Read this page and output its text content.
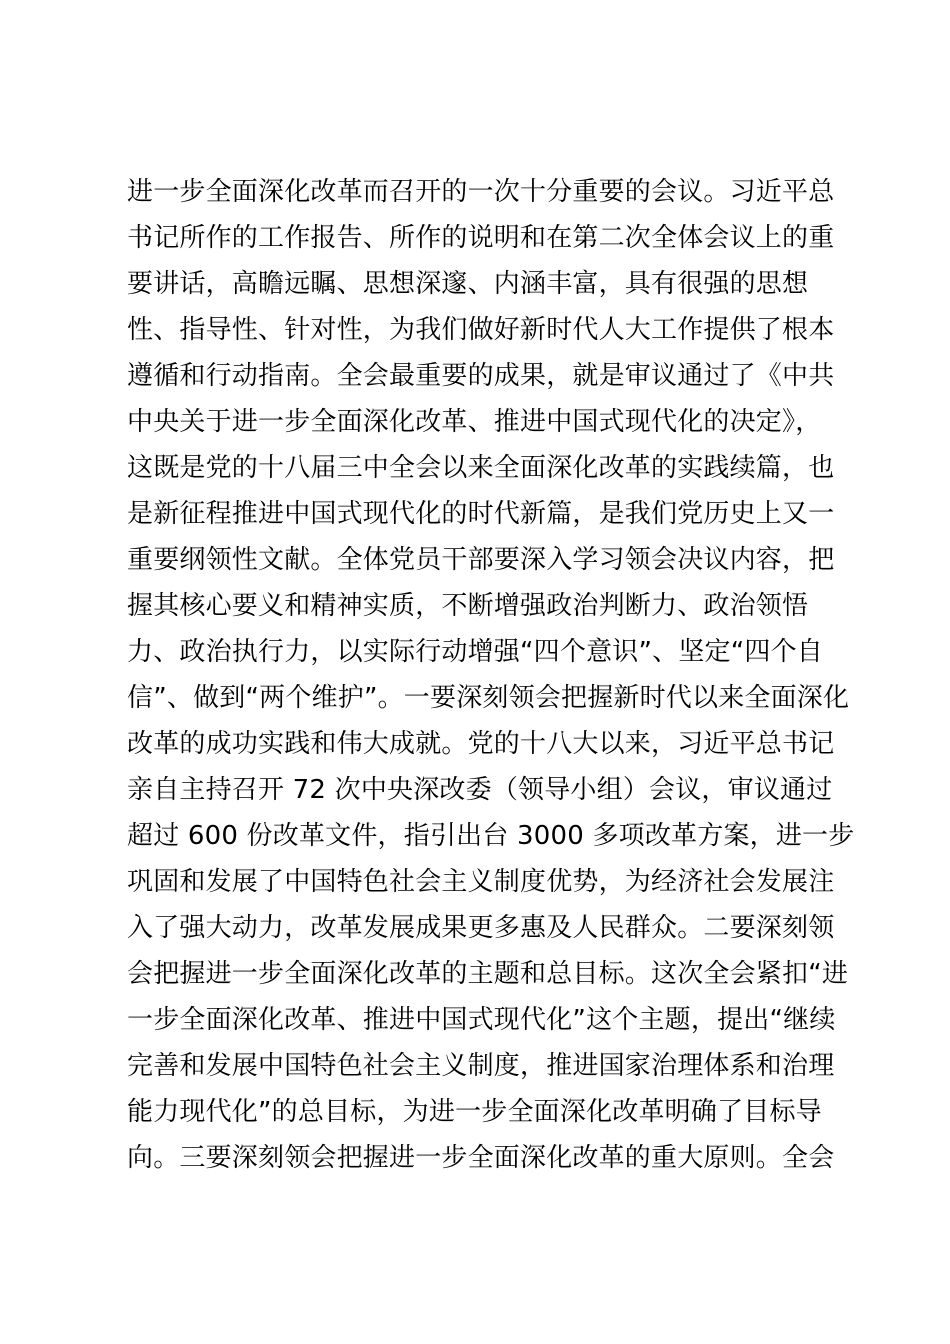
进一步全面深化改革而召开的一次十分重要的会议。习近平总
书记所作的工作报告、所作的说明和在第二次全体会议上的重
要讲话，高瞻远瞩、思想深邃、内涵丰富，具有很强的思想
性、指导性、针对性，为我们做好新时代人大工作提供了根本
遵循和行动指南。全会最重要的成果，就是审议通过了《中共
中央关于进一步全面深化改革、推进中国式现代化的决定》，
这既是党的十八届三中全会以来全面深化改革的实践续篇，也
是新征程推进中国式现代化的时代新篇，是我们党历史上又一
重要纲领性文献。全体党员干部要深入学习领会决议内容，把
握其核心要义和精神实质，不断增强政治判断力、政治领悟
力、政治执行力，以实际行动增强“四个意识”、坚定“四个自
信”、做到“两个维护”。一要深刻领会把握新时代以来全面深化
改革的成功实践和伟大成就。党的十八大以来，习近平总书记
亲自主持召开 72 次中央深改委（领导小组）会议，审议通过
超过 600 份改革文件，指引出台 3000 多项改革方案，进一步
巩固和发展了中国特色社会主义制度优势，为经济社会发展注
入了强大动力，改革发展成果更多惠及人民群众。二要深刻领
会把握进一步全面深化改革的主题和总目标。这次全会紧扣“进
一步全面深化改革、推进中国式现代化”这个主题，提出“继续
完善和发展中国特色社会主义制度，推进国家治理体系和治理
能力现代化”的总目标，为进一步全面深化改革明确了目标导
向。三要深刻领会把握进一步全面深化改革的重大原则。全会
